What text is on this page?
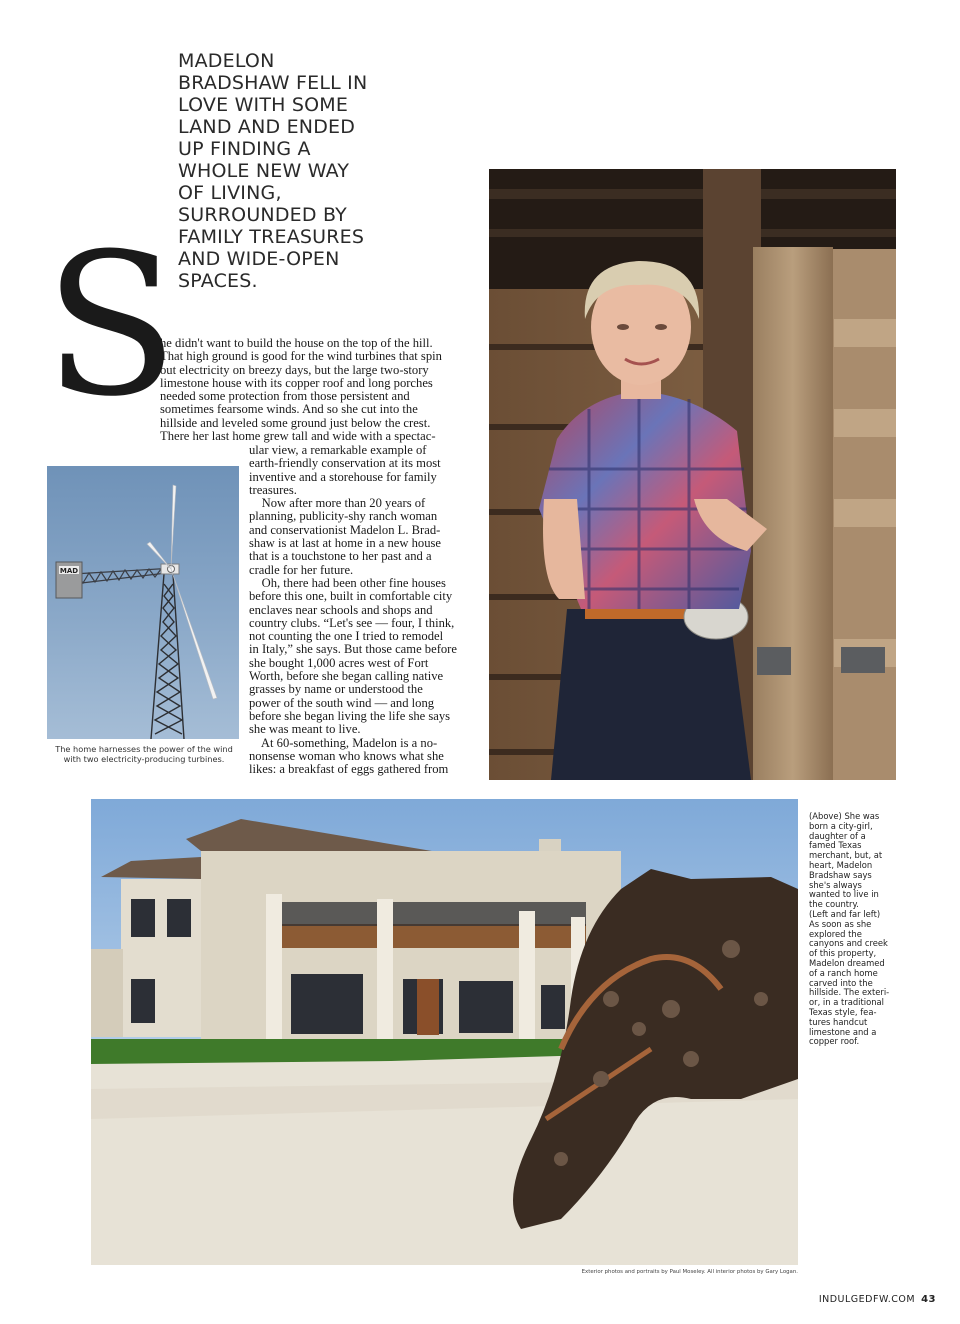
MADELON
BRADSHAW FELL IN
LOVE WITH SOME
LAND AND ENDED
UP FINDING A
WHOLE NEW WAY
OF LIVING,
SURROUNDED BY
FAMILY TREASURES
AND WIDE-OPEN
SPACES.
S
he didn't want to build the house on the top of the hill.
That high ground is good for the wind turbines that spin
out electricity on breezy days, but the large two-story
limestone house with its copper roof and long porches
needed some protection from those persistent and
sometimes fearsome winds. And so she cut into the
hillside and leveled some ground just below the crest.
There her last home grew tall and wide with a spectac-
ular view, a remarkable example of
earth-friendly conservation at its most
inventive and a storehouse for family
treasures.
Now after more than 20 years of
planning, publicity-shy ranch woman
and conservationist Madelon L. Brad-
shaw is at last at home in a new house
that is a touchstone to her past and a
cradle for her future.
Oh, there had been other fine houses
before this one, built in comfortable city
enclaves near schools and shops and
country clubs. “Let's see — four, I think,
not counting the one I tried to remodel
in Italy,” she says. But those came before
she bought 1,000 acres west of Fort
Worth, before she began calling native
grasses by name or understood the
power of the south wind — and long
before she began living the life she says
she was meant to live.
At 60-something, Madelon is a no-
nonsense woman who knows what she
likes: a breakfast of eggs gathered from
MAD
The home harnesses the power of the wind
with two electricity-producing turbines.
(Above) She was
born a city-girl,
daughter of a
famed Texas
merchant, but, at
heart, Madelon
Bradshaw says
she's always
wanted to live in
the country.
(Left and far left)
As soon as she
explored the
canyons and creek
of this property,
Madelon dreamed
of a ranch home
carved into the
hillside. The exteri-
or, in a traditional
Texas style, fea-
tures handcut
limestone and a
copper roof.
Exterior photos and portraits by Paul Moseley. All interior photos by Gary Logan.
INDULGEDFW.COM 43
